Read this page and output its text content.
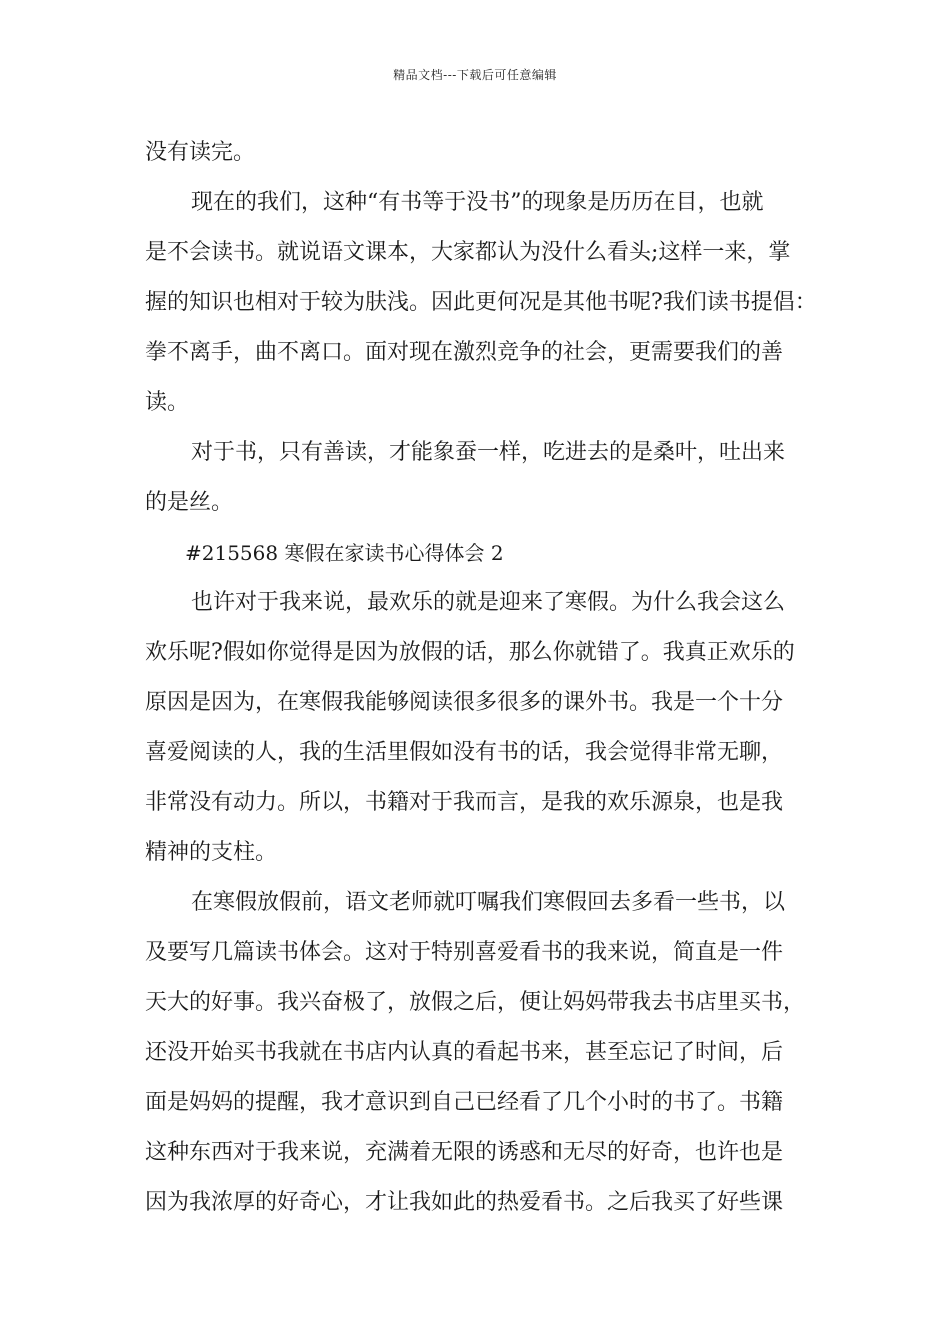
精品文档---下载后可任意编辑
没有读完。
现在的我们，这种“有书等于没书”的现象是历历在目，也就
是不会读书。就说语文课本，大家都认为没什么看头;这样一来，掌
握的知识也相对于较为肤浅。因此更何况是其他书呢?我们读书提倡：
拳不离手，曲不离口。面对现在激烈竞争的社会，更需要我们的善
读。
对于书，只有善读，才能象蚕一样，吃进去的是桑叶，吐出来
的是丝。
#215568 寒假在家读书心得体会 2
也许对于我来说，最欢乐的就是迎来了寒假。为什么我会这么
欢乐呢?假如你觉得是因为放假的话，那么你就错了。我真正欢乐的
原因是因为，在寒假我能够阅读很多很多的课外书。我是一个十分
喜爱阅读的人，我的生活里假如没有书的话，我会觉得非常无聊，
非常没有动力。所以，书籍对于我而言，是我的欢乐源泉，也是我
精神的支柱。
在寒假放假前，语文老师就叮嘱我们寒假回去多看一些书，以
及要写几篇读书体会。这对于特别喜爱看书的我来说，简直是一件
天大的好事。我兴奋极了，放假之后，便让妈妈带我去书店里买书，
还没开始买书我就在书店内认真的看起书来，甚至忘记了时间，后
面是妈妈的提醒，我才意识到自己已经看了几个小时的书了。书籍
这种东西对于我来说，充满着无限的诱惑和无尽的好奇，也许也是
因为我浓厚的好奇心，才让我如此的热爱看书。之后我买了好些课
